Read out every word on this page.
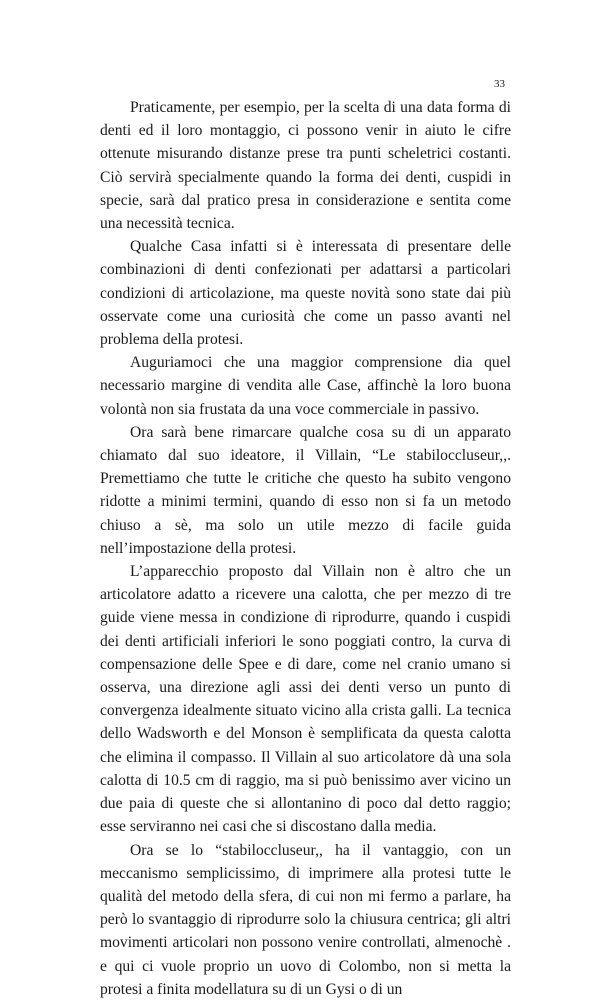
33

Praticamente, per esempio, per la scelta di una data forma di denti ed il loro montaggio, ci possono venir in aiuto le cifre ottenute misurando distanze prese tra punti scheletrici costanti. Ciò servirà specialmente quando la forma dei denti, cuspidi in specie, sarà dal pratico presa in considerazione e sentita come una necessità tecnica.

Qualche Casa infatti si è interessata di presentare delle combinazioni di denti confezionati per adattarsi a particolari condizioni di articolazione, ma queste novità sono state dai più osservate come una curiosità che come un passo avanti nel problema della protesi.

Auguriamoci che una maggior comprensione dia quel necessario margine di vendita alle Case, affinchè la loro buona volontà non sia frustata da una voce commerciale in passivo.

Ora sarà bene rimarcare qualche cosa su di un apparato chiamato dal suo ideatore, il Villain, “Le stabiloccluseur,,. Premettiamo che tutte le critiche che questo ha subito vengono ridotte a minimi termini, quando di esso non si fa un metodo chiuso a sè, ma solo un utile mezzo di facile guida nell’impostazione della protesi.

L’apparecchio proposto dal Villain non è altro che un articolatore adatto a ricevere una calotta, che per mezzo di tre guide viene messa in condizione di riprodurre, quando i cuspidi dei denti artificiali inferiori le sono poggiati contro, la curva di compensazione delle Spee e di dare, come nel cranio umano si osserva, una direzione agli assi dei denti verso un punto di convergenza idealmente situato vicino alla crista galli. La tecnica dello Wadsworth e del Monson è semplificata da questa calotta che elimina il compasso. Il Villain al suo articolatore dà una sola calotta di 10.5 cm di raggio, ma si può benissimo aver vicino un due paia di queste che si allontanino di poco dal detto raggio; esse serviranno nei casi che si discostano dalla media.

Ora se lo “stabiloccluseur,, ha il vantaggio, con un meccanismo semplicissimo, di imprimere alla protesi tutte le qualità del metodo della sfera, di cui non mi fermo a parlare, ha però lo svantaggio di riprodurre solo la chiusura centrica; gli altri movimenti articolari non possono venire controllati, almenochè . e qui ci vuole proprio un uovo di Colombo, non si metta la protesi a finita modellatura su di un Gysi o di un
